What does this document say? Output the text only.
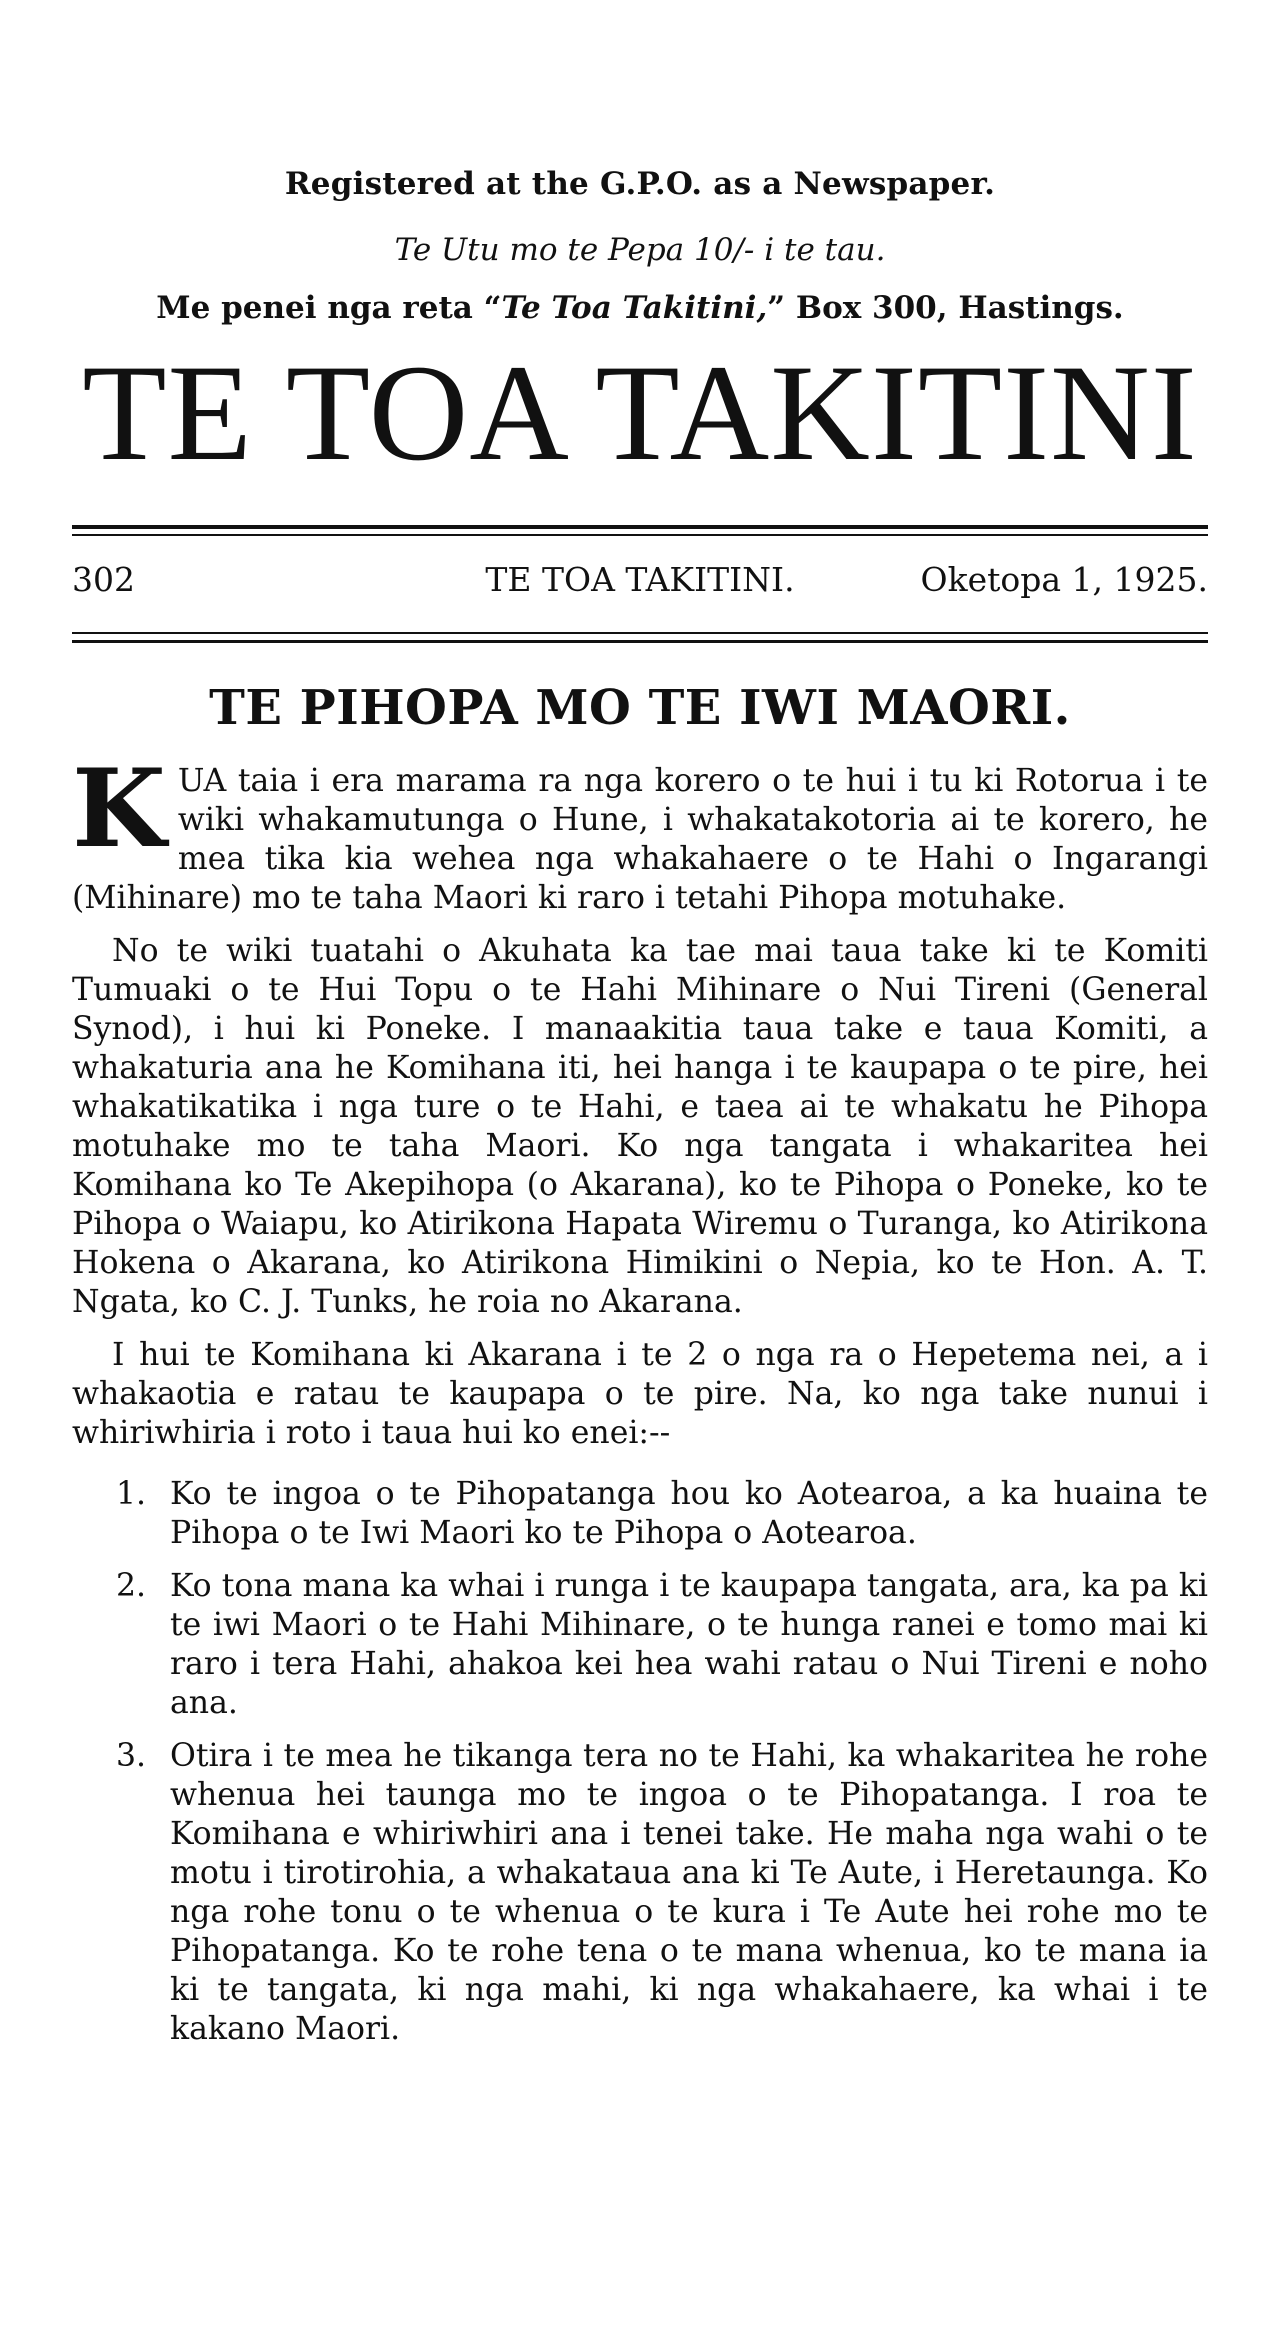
Registered at the G.P.O. as a Newspaper.
Te Utu mo te Pepa 10/- i te tau.
Me penei nga reta “Te Toa Takitini,” Box 300, Hastings.
TE TOA TAKITINI
302	TE TOA TAKITINI.	Oketopa 1, 1925.
TE PIHOPA MO TE IWI MAORI.

KUA taia i era marama ra nga korero o te hui i tu ki Rotorua i te wiki whakamutunga o Hune, i whakatakotoria ai te korero, he mea tika kia wehea nga whakahaere o te Hahi o Ingarangi (Mihinare) mo te taha Maori ki raro i tetahi Pihopa motuhake.

No te wiki tuatahi o Akuhata ka tae mai taua take ki te Komiti Tumuaki o te Hui Topu o te Hahi Mihinare o Nui Tireni (General Synod), i hui ki Poneke. I manaakitia taua take e taua Komiti, a whakaturia ana he Komihana iti, hei hanga i te kaupapa o te pire, hei whakatikatika i nga ture o te Hahi, e taea ai te whakatu he Pihopa motuhake mo te taha Maori. Ko nga tangata i whakaritea hei Komihana ko Te Akepihopa (o Akarana), ko te Pihopa o Poneke, ko te Pihopa o Waiapu, ko Atirikona Hapata Wiremu o Turanga, ko Atirikona Hokena o Akarana, ko Atirikona Himikini o Nepia, ko te Hon. A. T. Ngata, ko C. J. Tunks, he roia no Akarana.

I hui te Komihana ki Akarana i te 2 o nga ra o Hepetema nei, a i whakaotia e ratau te kaupapa o te pire. Na, ko nga take nunui i whiriwhiria i roto i taua hui ko enei:--

1. Ko te ingoa o te Pihopatanga hou ko Aotearoa, a ka huaina te Pihopa o te Iwi Maori ko te Pihopa o Aotearoa.
2. Ko tona mana ka whai i runga i te kaupapa tangata, ara, ka pa ki te iwi Maori o te Hahi Mihinare, o te hunga ranei e tomo mai ki raro i tera Hahi, ahakoa kei hea wahi ratau o Nui Tireni e noho ana.
3. Otira i te mea he tikanga tera no te Hahi, ka whakaritea he rohe whenua hei taunga mo te ingoa o te Pihopatanga. I roa te Komihana e whiriwhiri ana i tenei take. He maha nga wahi o te motu i tirotirohia, a whakataua ana ki Te Aute, i Heretaunga. Ko nga rohe tonu o te whenua o te kura i Te Aute hei rohe mo te Pihopatanga. Ko te rohe tena o te mana whenua, ko te mana ia ki te tangata, ki nga mahi, ki nga whakahaere, ka whai i te kakano Maori.
